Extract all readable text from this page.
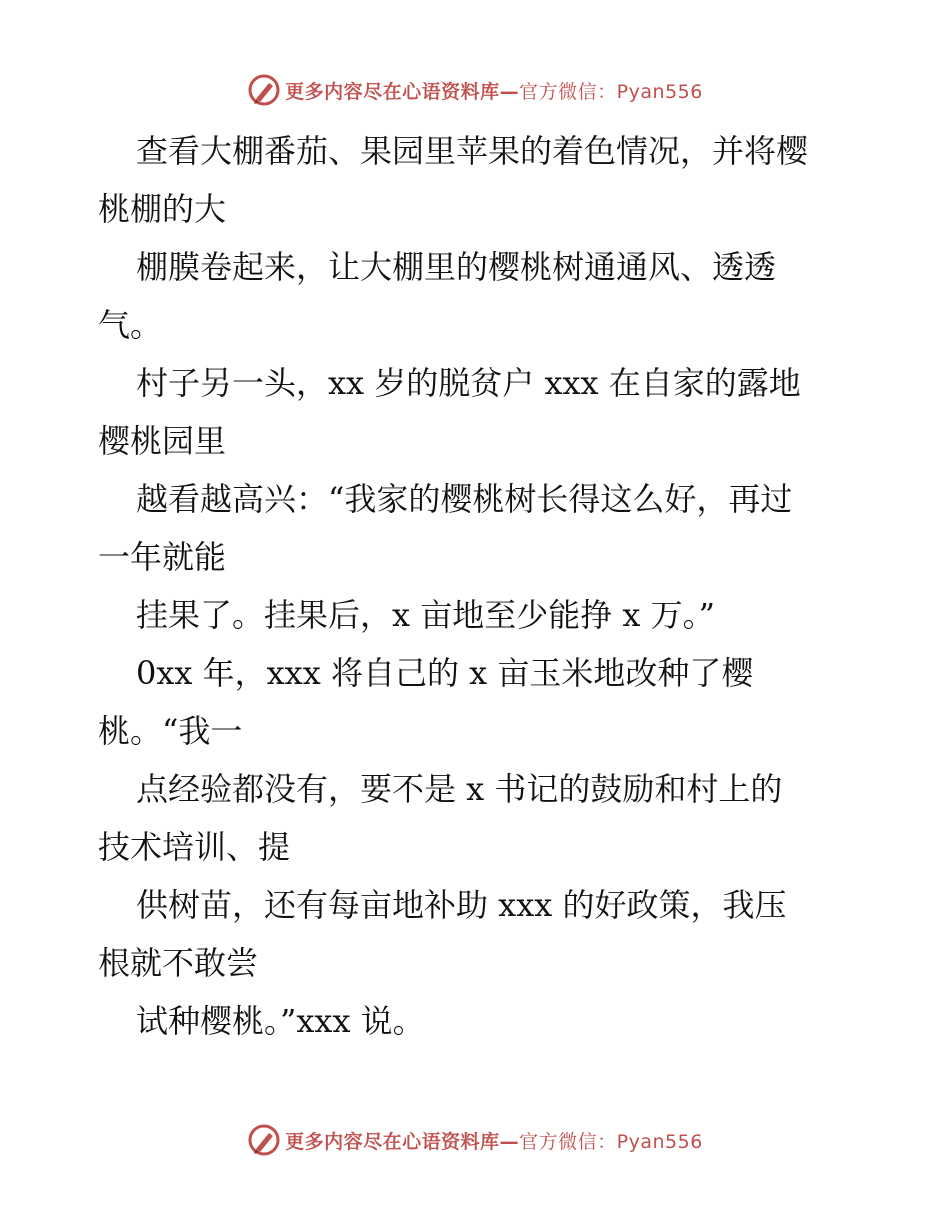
更多内容尽在心语资料库—官方微信：Pyan556
查看大棚番茄、果园里苹果的着色情况，并将樱
桃棚的大
棚膜卷起来，让大棚里的樱桃树通通风、透透
气。
村子另一头，xx 岁的脱贫户 xxx 在自家的露地
樱桃园里
越看越高兴：“我家的樱桃树长得这么好，再过
一年就能
挂果了。挂果后，x 亩地至少能挣 x 万。”
0xx 年，xxx 将自己的 x 亩玉米地改种了樱
桃。“我一
点经验都没有，要不是 x 书记的鼓励和村上的
技术培训、提
供树苗，还有每亩地补助 xxx 的好政策，我压
根就不敢尝
试种樱桃。”xxx 说。
更多内容尽在心语资料库—官方微信：Pyan556
